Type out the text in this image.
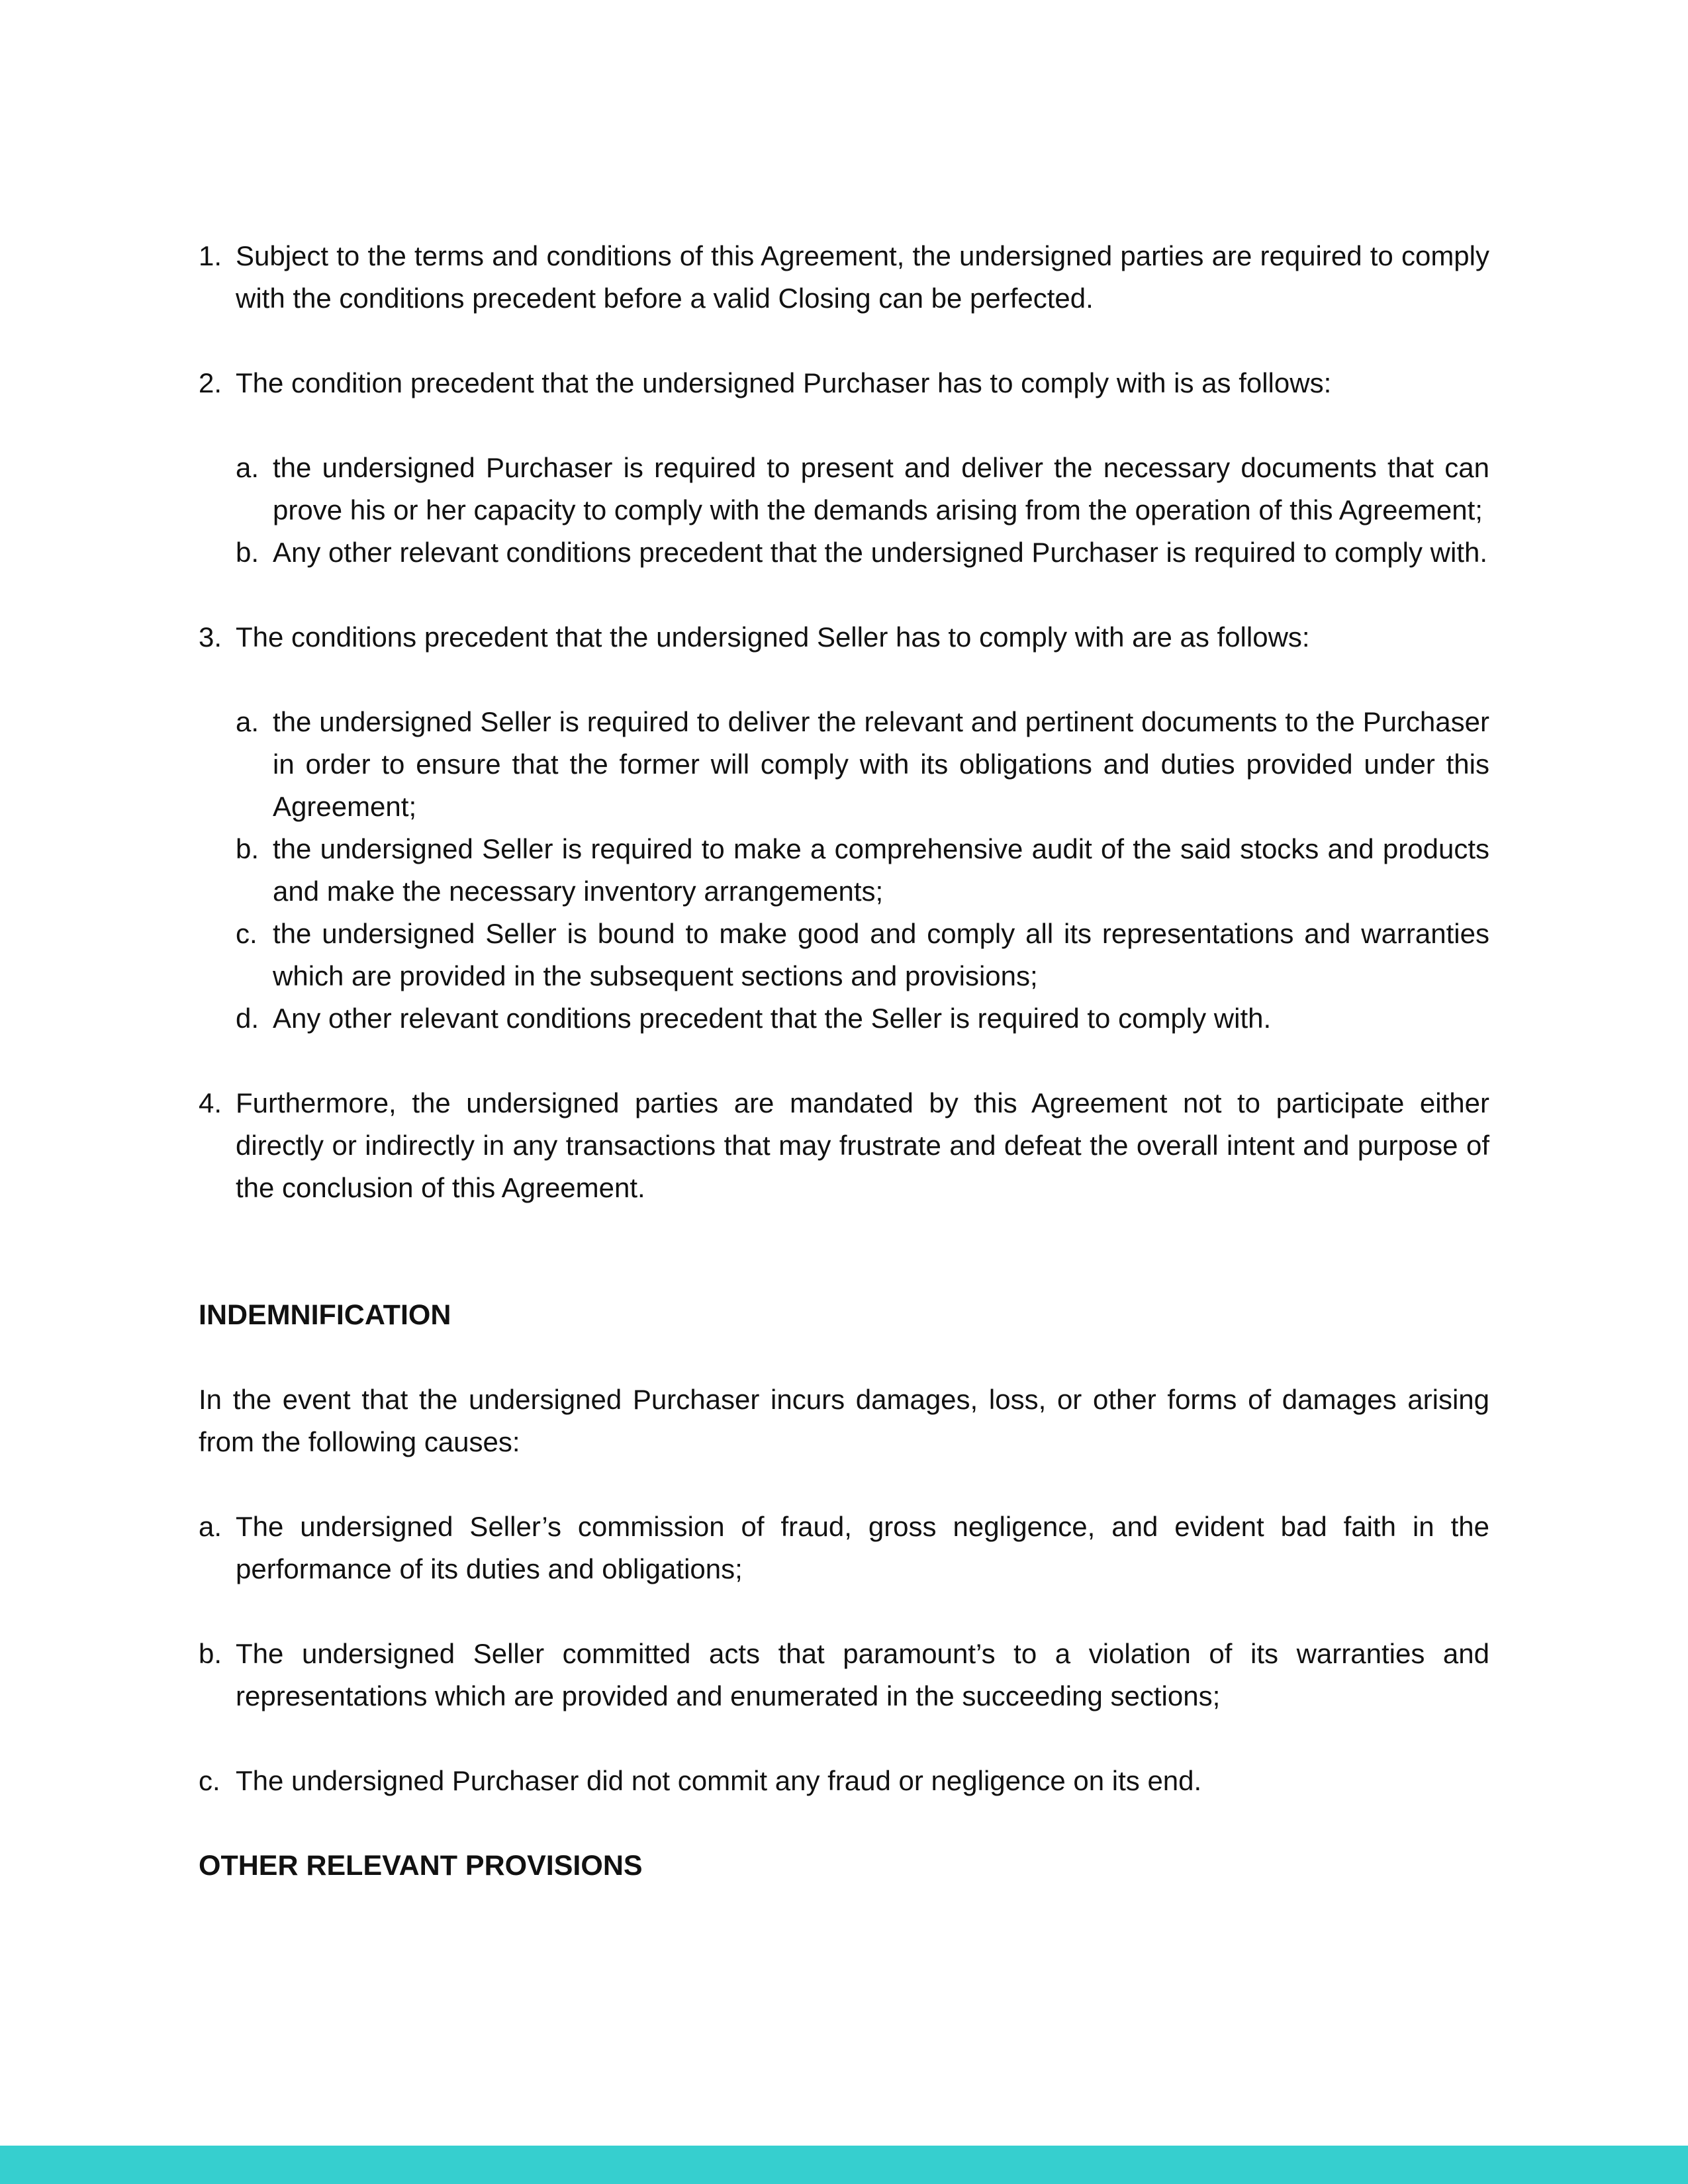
1. Subject to the terms and conditions of this Agreement, the undersigned parties are required to comply with the conditions precedent before a valid Closing can be perfected.
2. The condition precedent that the undersigned Purchaser has to comply with is as follows:
a. the undersigned Purchaser is required to present and deliver the necessary documents that can prove his or her capacity to comply with the demands arising from the operation of this Agreement;
b. Any other relevant conditions precedent that the undersigned Purchaser is required to comply with.
3. The conditions precedent that the undersigned Seller has to comply with are as follows:
a. the undersigned Seller is required to deliver the relevant and pertinent documents to the Purchaser in order to ensure that the former will comply with its obligations and duties provided under this Agreement;
b. the undersigned Seller is required to make a comprehensive audit of the said stocks and products and make the necessary inventory arrangements;
c. the undersigned Seller is bound to make good and comply all its representations and warranties which are provided in the subsequent sections and provisions;
d. Any other relevant conditions precedent that the Seller is required to comply with.
4. Furthermore, the undersigned parties are mandated by this Agreement not to participate either directly or indirectly in any transactions that may frustrate and defeat the overall intent and purpose of the conclusion of this Agreement.
INDEMNIFICATION
In the event that the undersigned Purchaser incurs damages, loss, or other forms of damages arising from the following causes:
a. The undersigned Seller’s commission of fraud, gross negligence, and evident bad faith in the performance of its duties and obligations;
b. The undersigned Seller committed acts that paramount’s to a violation of its warranties and representations which are provided and enumerated in the succeeding sections;
c. The undersigned Purchaser did not commit any fraud or negligence on its end.
OTHER RELEVANT PROVISIONS
